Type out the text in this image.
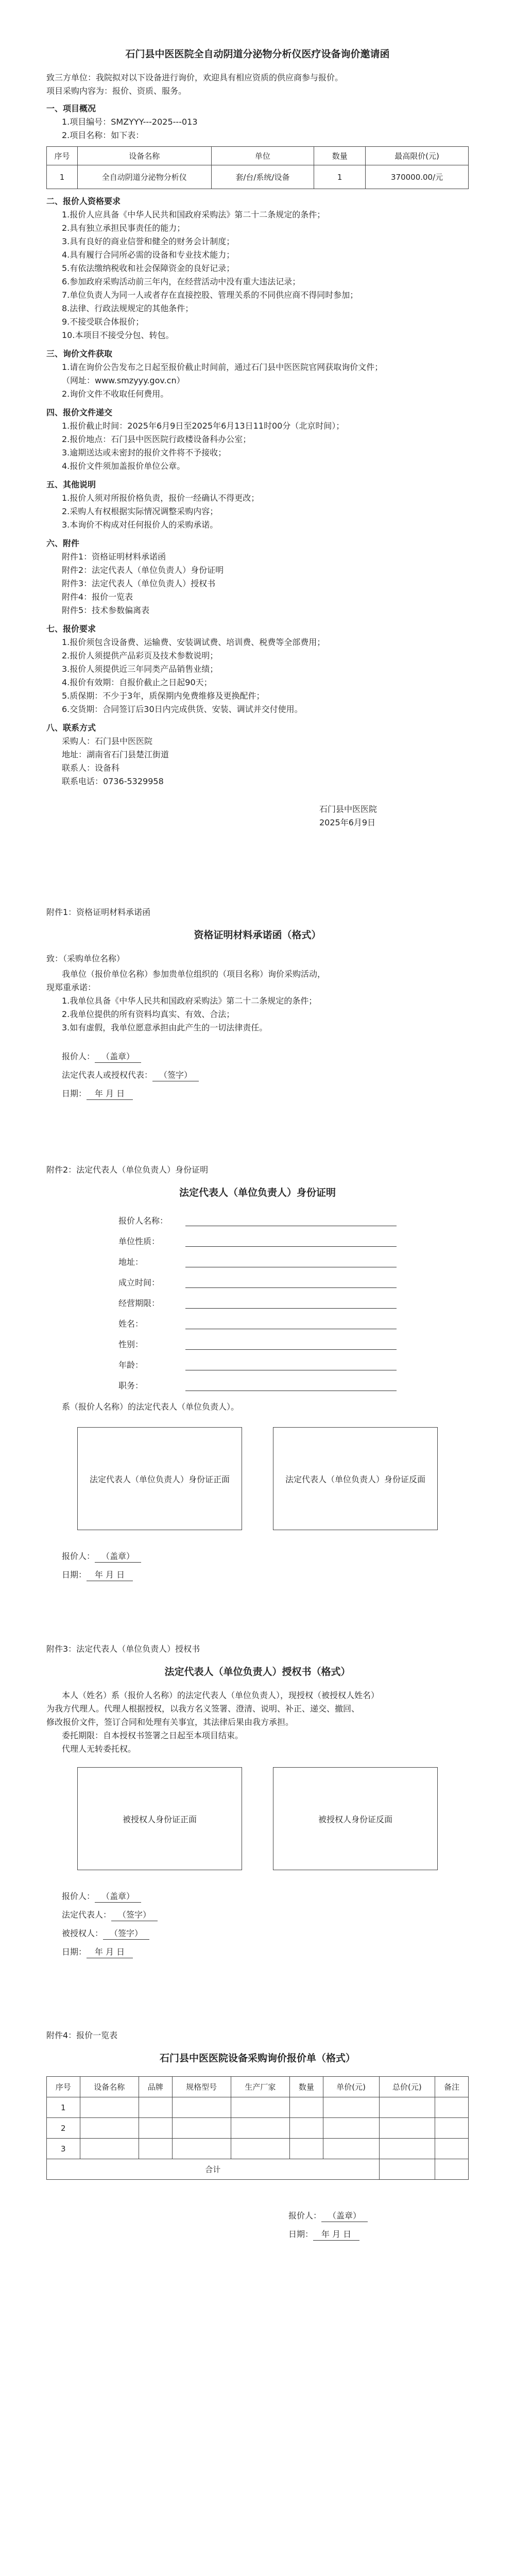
石门县中医医院全自动阴道分泌物分析仪医疗设备询价邀请函
致三方单位：我院拟对以下设备进行询价，欢迎具有相应资质的供应商参与报价。
项目采购内容为：报价、资质、服务。
一、项目概况
1.项目编号：SMZYYY---2025---013
2.项目名称：如下表：
序号	设备名称	单位	数量	最高限价(元)
1	全自动阴道分泌物分析仪	套/台/系统/设备	1	370000.00/元
二、报价人资格要求
1.报价人应具备《中华人民共和国政府采购法》第二十二条规定的条件；
2.具有独立承担民事责任的能力；
3.具有良好的商业信誉和健全的财务会计制度；
4.具有履行合同所必需的设备和专业技术能力；
5.有依法缴纳税收和社会保障资金的良好记录；
6.参加政府采购活动前三年内，在经营活动中没有重大违法记录；
7.单位负责人为同一人或者存在直接控股、管理关系的不同供应商不得同时参加；
8.法律、行政法规规定的其他条件；
9.不接受联合体报价；
10.本项目不接受分包、转包。
三、询价文件获取
1.请在询价公告发布之日起至报价截止时间前，通过石门县中医医院官网获取询价文件；
（网址：www.smzyyy.gov.cn）
2.询价文件不收取任何费用。
四、报价文件递交
1.报价截止时间：2025年6月9日至2025年6月13日11时00分（北京时间）；
2.报价地点：石门县中医医院行政楼设备科办公室；
3.逾期送达或未密封的报价文件将不予接收；
4.报价文件须加盖报价单位公章。
五、其他说明
1.报价人须对所报价格负责，报价一经确认不得更改；
2.采购人有权根据实际情况调整采购内容；
3.本询价不构成对任何报价人的采购承诺。
六、附件
附件1：资格证明材料承诺函
附件2：法定代表人（单位负责人）身份证明
附件3：法定代表人（单位负责人）授权书
附件4：报价一览表
附件5：技术参数偏离表
七、报价要求
1.报价须包含设备费、运输费、安装调试费、培训费、税费等全部费用；
2.报价人须提供产品彩页及技术参数说明；
3.报价人须提供近三年同类产品销售业绩；
4.报价有效期：自报价截止之日起90天；
5.质保期：不少于3年，质保期内免费维修及更换配件；
6.交货期：合同签订后30日内完成供货、安装、调试并交付使用。
八、联系方式
采购人：石门县中医医院
地址：湖南省石门县楚江街道
联系人：设备科
联系电话：0736-5329958
石门县中医医院
2025年6月9日
附件1：资格证明材料承诺函
资格证明材料承诺函（格式）
致：（采购单位名称）
我单位（报价单位名称）参加贵单位组织的（项目名称）询价采购活动，
现郑重承诺：
1.我单位具备《中华人民共和国政府采购法》第二十二条规定的条件；
2.我单位提供的所有资料均真实、有效、合法；
3.如有虚假，我单位愿意承担由此产生的一切法律责任。
报价人： （盖章）
法定代表人或授权代表： （签字）
日期： 年 月 日
附件2：法定代表人（单位负责人）身份证明
法定代表人（单位负责人）身份证明
报价人名称：
单位性质：
地址：
成立时间：
经营期限：
姓名：
性别：
年龄：
职务：
系（报价人名称）的法定代表人（单位负责人）。
法定代表人（单位负责人）身份证正面	法定代表人（单位负责人）身份证反面
报价人： （盖章）
日期： 年 月 日
附件3：法定代表人（单位负责人）授权书
法定代表人（单位负责人）授权书（格式）
本人（姓名）系（报价人名称）的法定代表人（单位负责人），现授权（被授权人姓名）
为我方代理人。代理人根据授权，以我方名义签署、澄清、说明、补正、递交、撤回、
修改报价文件，签订合同和处理有关事宜，其法律后果由我方承担。
委托期限：自本授权书签署之日起至本项目结束。
代理人无转委托权。
被授权人身份证正面	被授权人身份证反面
报价人： （盖章）
法定代表人： （签字）
被授权人： （签字）
日期： 年 月 日
附件4：报价一览表
石门县中医医院设备采购询价报价单（格式）
序号	设备名称	品牌	规格型号	生产厂家	数量	单价(元)	总价(元)	备注
1								
2								
3								
合计								
报价人： （盖章）
日期： 年 月 日
